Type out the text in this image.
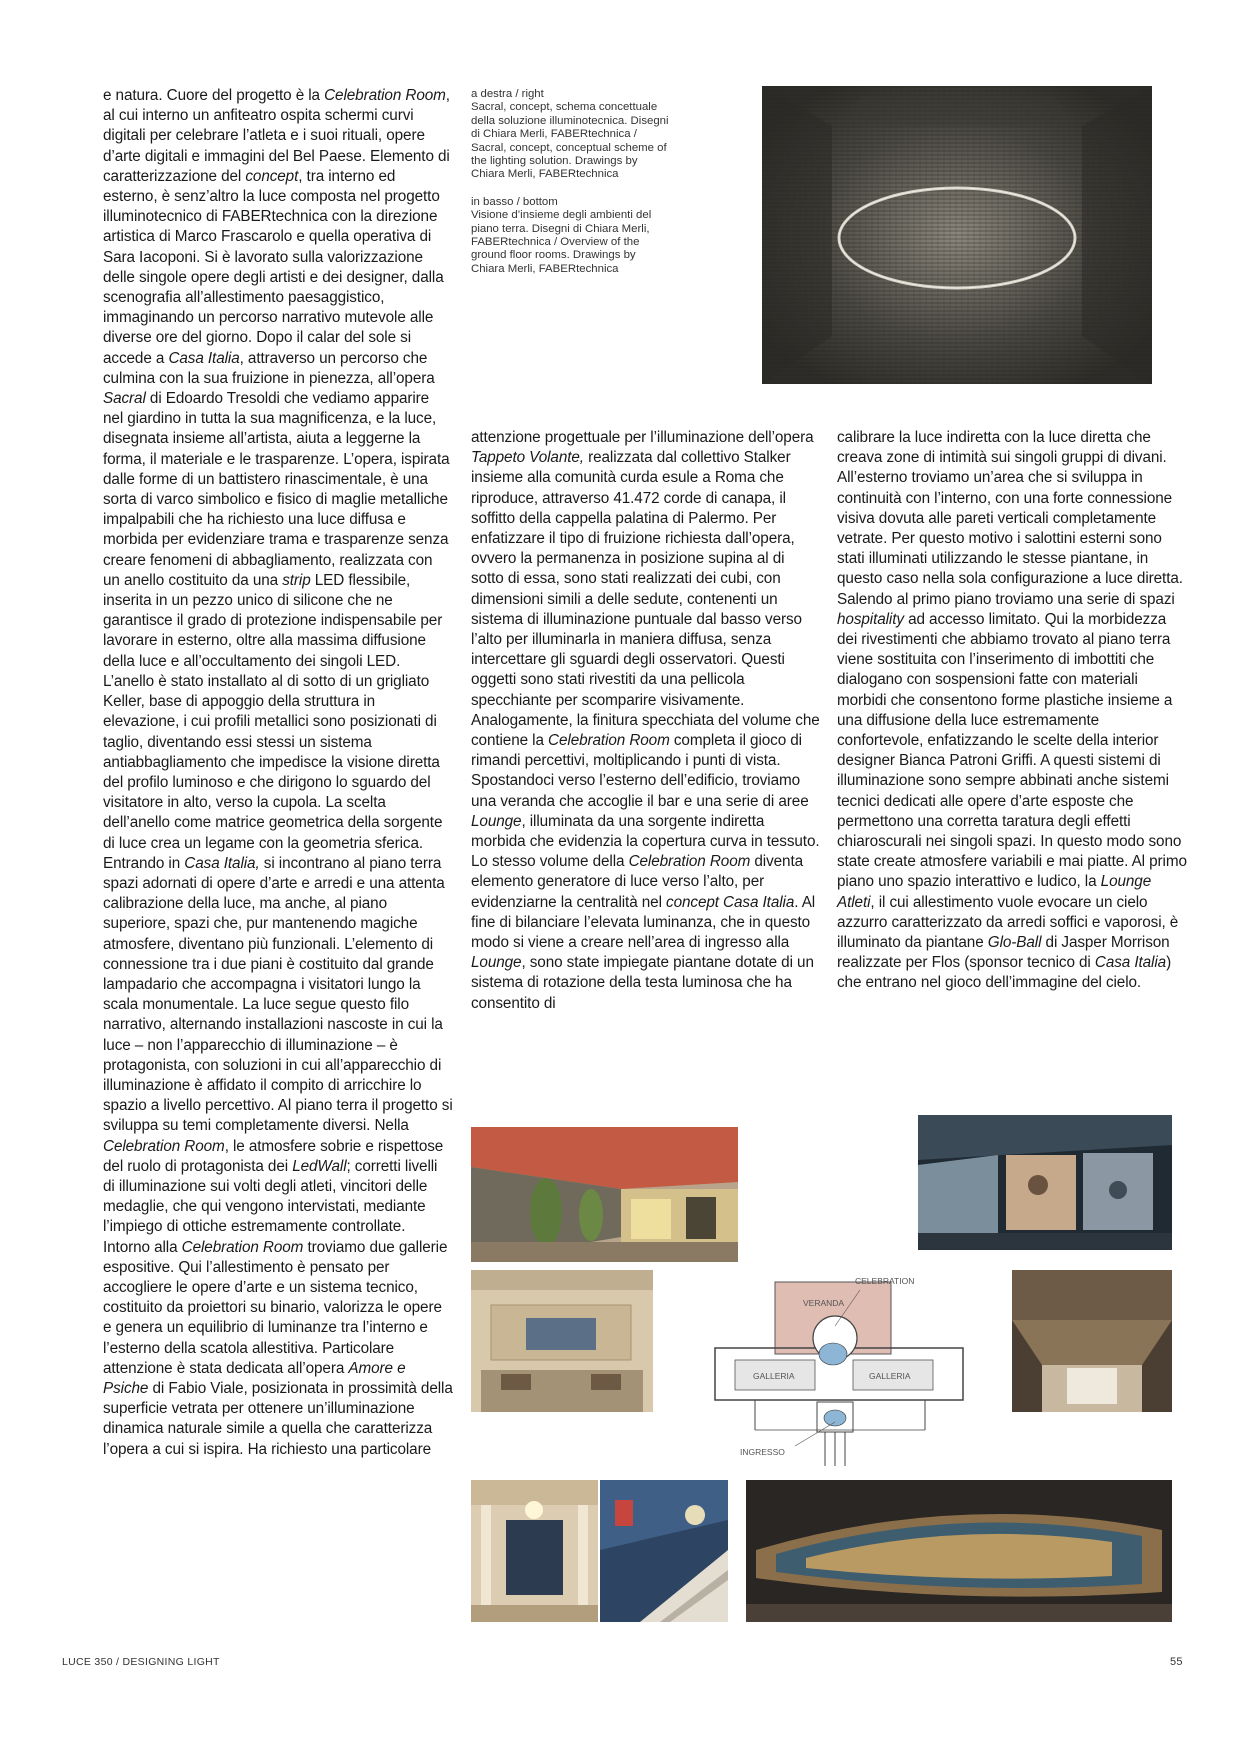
e natura. Cuore del progetto è la Celebration Room, al cui interno un anfiteatro ospita schermi curvi digitali per celebrare l’atleta e i suoi rituali, opere d’arte digitali e immagini del Bel Paese. Elemento di caratterizzazione del concept, tra interno ed esterno, è senz’altro la luce composta nel progetto illuminotecnico di FABERtechnica con la direzione artistica di Marco Frascarolo e quella operativa di Sara Iacoponi. Si è lavorato sulla valorizzazione delle singole opere degli artisti e dei designer, dalla scenografia all’allestimento paesaggistico, immaginando un percorso narrativo mutevole alle diverse ore del giorno. Dopo il calar del sole si accede a Casa Italia, attraverso un percorso che culmina con la sua fruizione in pienezza, all’opera Sacral di Edoardo Tresoldi che vediamo apparire nel giardino in tutta la sua magnificenza, e la luce, disegnata insieme all’artista, aiuta a leggerne la forma, il materiale e le trasparenze. L’opera, ispirata dalle forme di un battistero rinascimentale, è una sorta di varco simbolico e fisico di maglie metalliche impalpabili che ha richiesto una luce diffusa e morbida per evidenziare trama e trasparenze senza creare fenomeni di abbagliamento, realizzata con un anello costituito da una strip LED flessibile, inserita in un pezzo unico di silicone che ne garantisce il grado di protezione indispensabile per lavorare in esterno, oltre alla massima diffusione della luce e all’occultamento dei singoli LED. L’anello è stato installato al di sotto di un grigliato Keller, base di appoggio della struttura in elevazione, i cui profili metallici sono posizionati di taglio, diventando essi stessi un sistema antiabbagliamento che impedisce la visione diretta del profilo luminoso e che dirigono lo sguardo del visitatore in alto, verso la cupola. La scelta dell’anello come matrice geometrica della sorgente di luce crea un legame con la geometria sferica. Entrando in Casa Italia, si incontrano al piano terra spazi adornati di opere d’arte e arredi e una attenta calibrazione della luce, ma anche, al piano superiore, spazi che, pur mantenendo magiche atmosfere, diventano più funzionali. L’elemento di connessione tra i due piani è costituito dal grande lampadario che accompagna i visitatori lungo la scala monumentale. La luce segue questo filo narrativo, alternando installazioni nascoste in cui la luce – non l’apparecchio di illuminazione – è protagonista, con soluzioni in cui all’apparecchio di illuminazione è affidato il compito di arricchire lo spazio a livello percettivo. Al piano terra il progetto si sviluppa su temi completamente diversi. Nella Celebration Room, le atmosfere sobrie e rispettose del ruolo di protagonista dei LedWall; corretti livelli di illuminazione sui volti degli atleti, vincitori delle medaglie, che qui vengono intervistati, mediante l’impiego di ottiche estremamente controllate. Intorno alla Celebration Room troviamo due gallerie espositive. Qui l’allestimento è pensato per accogliere le opere d’arte e un sistema tecnico, costituito da proiettori su binario, valorizza le opere e genera un equilibrio di luminanze tra l’interno e l’esterno della scatola allestitiva. Particolare attenzione è stata dedicata all’opera Amore e Psiche di Fabio Viale, posizionata in prossimità della superficie vetrata per ottenere un’illuminazione dinamica naturale simile a quella che caratterizza l’opera a cui si ispira. Ha richiesto una particolare

a destra / right
Sacral, concept, schema concettuale della soluzione illuminotecnica. Disegni di Chiara Merli, FABERtechnica / Sacral, concept, conceptual scheme of the lighting solution. Drawings by Chiara Merli, FABERtechnica

in basso / bottom
Visione d’insieme degli ambienti del piano terra. Disegni di Chiara Merli, FABERtechnica / Overview of the ground floor rooms. Drawings by Chiara Merli, FABERtechnica

attenzione progettuale per l’illuminazione dell’opera Tappeto Volante, realizzata dal collettivo Stalker insieme alla comunità curda esule a Roma che riproduce, attraverso 41.472 corde di canapa, il soffitto della cappella palatina di Palermo. Per enfatizzare il tipo di fruizione richiesta dall’opera, ovvero la permanenza in posizione supina al di sotto di essa, sono stati realizzati dei cubi, con dimensioni simili a delle sedute, contenenti un sistema di illuminazione puntuale dal basso verso l’alto per illuminarla in maniera diffusa, senza intercettare gli sguardi degli osservatori. Questi oggetti sono stati rivestiti da una pellicola specchiante per scomparire visivamente. Analogamente, la finitura specchiata del volume che contiene la Celebration Room completa il gioco di rimandi percettivi, moltiplicando i punti di vista. Spostandoci verso l’esterno dell’edificio, troviamo una veranda che accoglie il bar e una serie di aree Lounge, illuminata da una sorgente indiretta morbida che evidenzia la copertura curva in tessuto. Lo stesso volume della Celebration Room diventa elemento generatore di luce verso l’alto, per evidenziarne la centralità nel concept Casa Italia. Al fine di bilanciare l’elevata luminanza, che in questo modo si viene a creare nell’area di ingresso alla Lounge, sono state impiegate piantane dotate di un sistema di rotazione della testa luminosa che ha consentito di

calibrare la luce indiretta con la luce diretta che creava zone di intimità sui singoli gruppi di divani. All’esterno troviamo un’area che si sviluppa in continuità con l’interno, con una forte connessione visiva dovuta alle pareti verticali completamente vetrate. Per questo motivo i salottini esterni sono stati illuminati utilizzando le stesse piantane, in questo caso nella sola configurazione a luce diretta. Salendo al primo piano troviamo una serie di spazi hospitality ad accesso limitato. Qui la morbidezza dei rivestimenti che abbiamo trovato al piano terra viene sostituita con l’inserimento di imbottiti che dialogano con sospensioni fatte con materiali morbidi che consentono forme plastiche insieme a una diffusione della luce estremamente confortevole, enfatizzando le scelte della interior designer Bianca Patroni Griffi. A questi sistemi di illuminazione sono sempre abbinati anche sistemi tecnici dedicati alle opere d’arte esposte che permettono una corretta taratura degli effetti chiaroscurali nei singoli spazi. In questo modo sono state create atmosfere variabili e mai piatte. Al primo piano uno spazio interattivo e ludico, la Lounge Atleti, il cui allestimento vuole evocare un cielo azzurro caratterizzato da arredi soffici e vaporosi, è illuminato da piantane Glo-Ball di Jasper Morrison realizzate per Flos (sponsor tecnico di Casa Italia) che entrano nel gioco dell’immagine del cielo.

CELEBRATION
VERANDA
GALLERIA	GALLERIA
INGRESSO
LUCE 350 / DESIGNING LIGHT	55
